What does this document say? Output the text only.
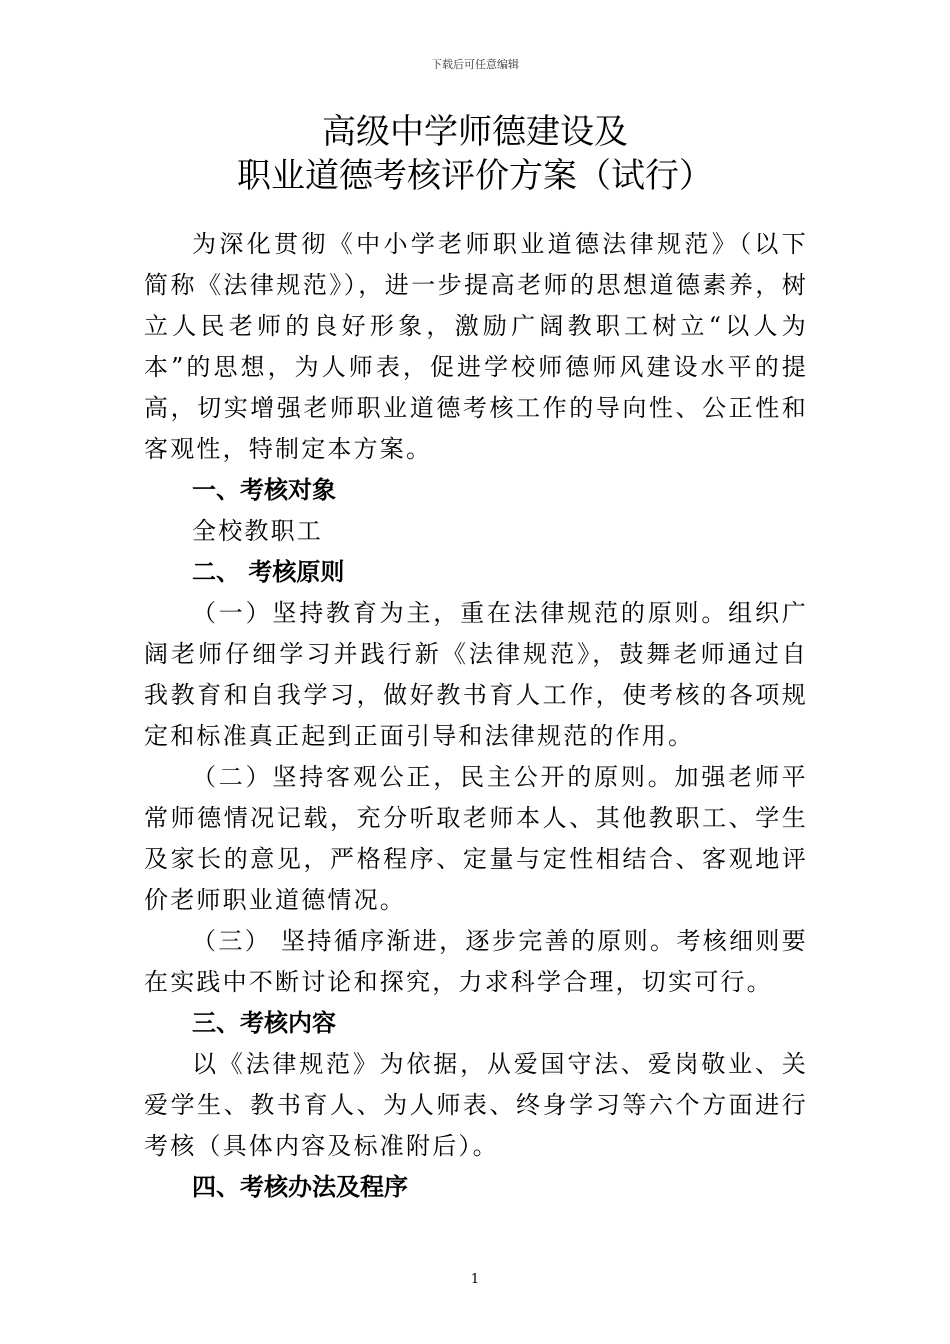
下载后可任意编辑
高级中学师德建设及
职业道德考核评价方案（试行）

为深化贯彻《中小学老师职业道德法律规范》（以下简称《法律规范》），进一步提高老师的思想道德素养，树立人民老师的良好形象，激励广阔教职工树立“以人为本”的思想，为人师表，促进学校师德师风建设水平的提高，切实增强老师职业道德考核工作的导向性、公正性和客观性，特制定本方案。

一、考核对象

全校教职工

二、 考核原则

（一）坚持教育为主，重在法律规范的原则。组织广阔老师仔细学习并践行新《法律规范》，鼓舞老师通过自我教育和自我学习，做好教书育人工作，使考核的各项规定和标准真正起到正面引导和法律规范的作用。

（二）坚持客观公正，民主公开的原则。加强老师平常师德情况记载，充分听取老师本人、其他教职工、学生及家长的意见，严格程序、定量与定性相结合、客观地评价老师职业道德情况。

（三） 坚持循序渐进，逐步完善的原则。考核细则要在实践中不断讨论和探究，力求科学合理，切实可行。

三、考核内容

以《法律规范》为依据，从爱国守法、爱岗敬业、关爱学生、教书育人、为人师表、终身学习等六个方面进行考核（具体内容及标准附后）。

四、考核办法及程序

1
